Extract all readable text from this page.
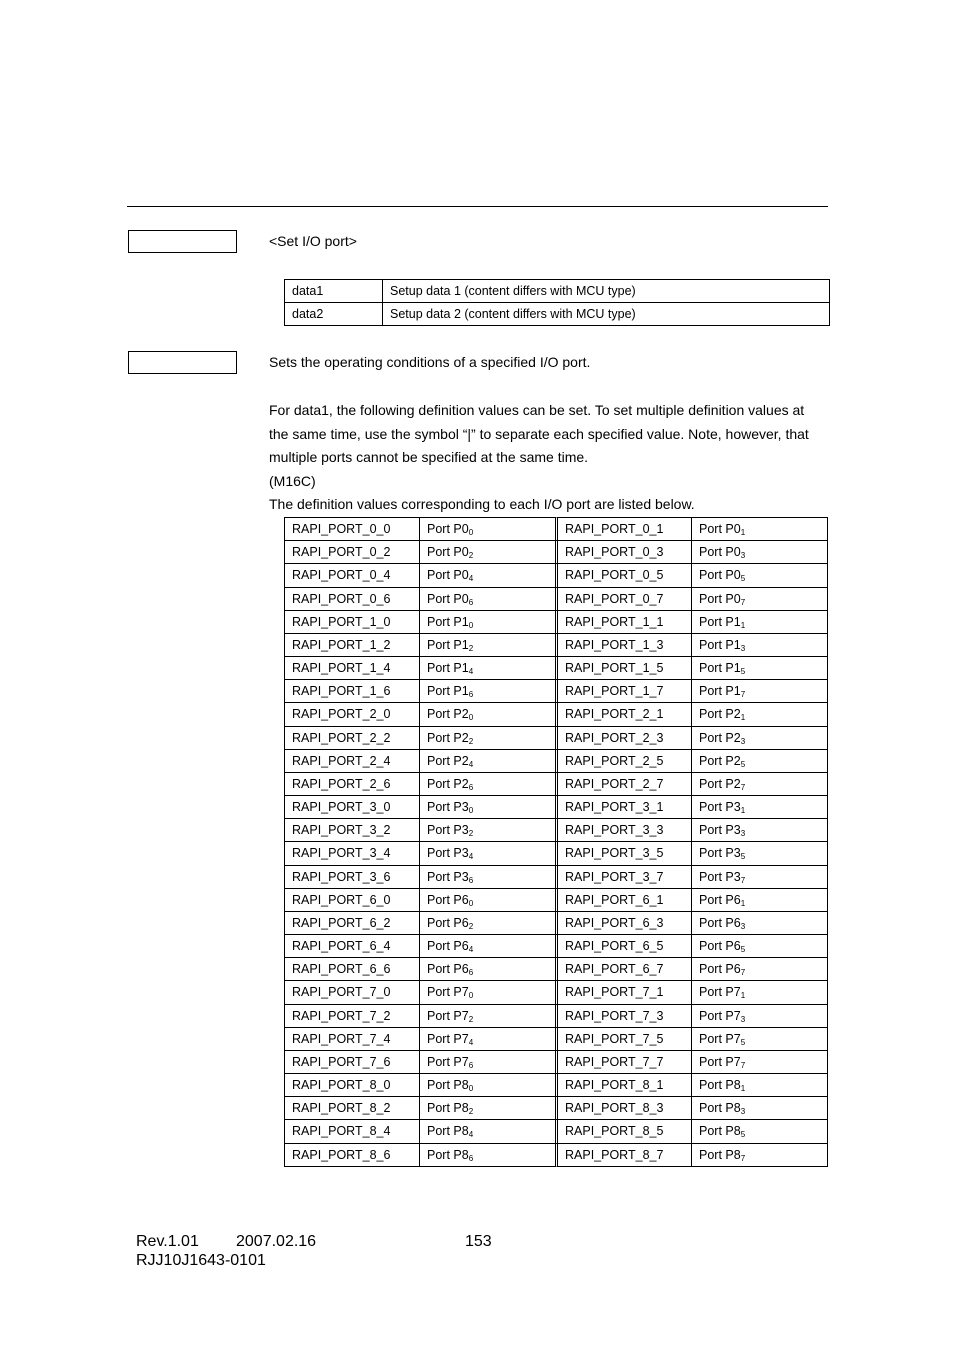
<Set I/O port>
data1	Setup data 1 (content differs with MCU type)
data2	Setup data 2 (content differs with MCU type)
Sets the operating conditions of a specified I/O port.
For data1, the following definition values can be set. To set multiple definition values at
the same time, use the symbol “|” to separate each specified value. Note, however, that
multiple ports cannot be specified at the same time.
(M16C)
The definition values corresponding to each I/O port are listed below.
RAPI_PORT_0_0	Port $P0_0$	RAPI_PORT_0_1	Port $P0_1$
RAPI_PORT_0_2	Port $P0_2$	RAPI_PORT_0_3	Port $P0_3$
RAPI_PORT_0_4	Port $P0_4$	RAPI_PORT_0_5	Port $P0_5$
RAPI_PORT_0_6	Port $P0_6$	RAPI_PORT_0_7	Port $P0_7$
RAPI_PORT_1_0	Port $P1_0$	RAPI_PORT_1_1	Port $P1_1$
RAPI_PORT_1_2	Port $P1_2$	RAPI_PORT_1_3	Port $P1_3$
RAPI_PORT_1_4	Port $P1_4$	RAPI_PORT_1_5	Port $P1_5$
RAPI_PORT_1_6	Port $P1_6$	RAPI_PORT_1_7	Port $P1_7$
RAPI_PORT_2_0	Port $P2_0$	RAPI_PORT_2_1	Port $P2_1$
RAPI_PORT_2_2	Port $P2_2$	RAPI_PORT_2_3	Port $P2_3$
RAPI_PORT_2_4	Port $P2_4$	RAPI_PORT_2_5	Port $P2_5$
RAPI_PORT_2_6	Port $P2_6$	RAPI_PORT_2_7	Port $P2_7$
RAPI_PORT_3_0	Port $P3_0$	RAPI_PORT_3_1	Port $P3_1$
RAPI_PORT_3_2	Port $P3_2$	RAPI_PORT_3_3	Port $P3_3$
RAPI_PORT_3_4	Port $P3_4$	RAPI_PORT_3_5	Port $P3_5$
RAPI_PORT_3_6	Port $P3_6$	RAPI_PORT_3_7	Port $P3_7$
RAPI_PORT_6_0	Port $P6_0$	RAPI_PORT_6_1	Port $P6_1$
RAPI_PORT_6_2	Port $P6_2$	RAPI_PORT_6_3	Port $P6_3$
RAPI_PORT_6_4	Port $P6_4$	RAPI_PORT_6_5	Port $P6_5$
RAPI_PORT_6_6	Port $P6_6$	RAPI_PORT_6_7	Port $P6_7$
RAPI_PORT_7_0	Port $P7_0$	RAPI_PORT_7_1	Port $P7_1$
RAPI_PORT_7_2	Port $P7_2$	RAPI_PORT_7_3	Port $P7_3$
RAPI_PORT_7_4	Port $P7_4$	RAPI_PORT_7_5	Port $P7_5$
RAPI_PORT_7_6	Port $P7_6$	RAPI_PORT_7_7	Port $P7_7$
RAPI_PORT_8_0	Port $P8_0$	RAPI_PORT_8_1	Port $P8_1$
RAPI_PORT_8_2	Port $P8_2$	RAPI_PORT_8_3	Port $P8_3$
RAPI_PORT_8_4	Port $P8_4$	RAPI_PORT_8_5	Port $P8_5$
RAPI_PORT_8_6	Port $P8_6$	RAPI_PORT_8_7	Port $P8_7$
Rev.1.01 2007.02.16	153
RJJ10J1643-0101
